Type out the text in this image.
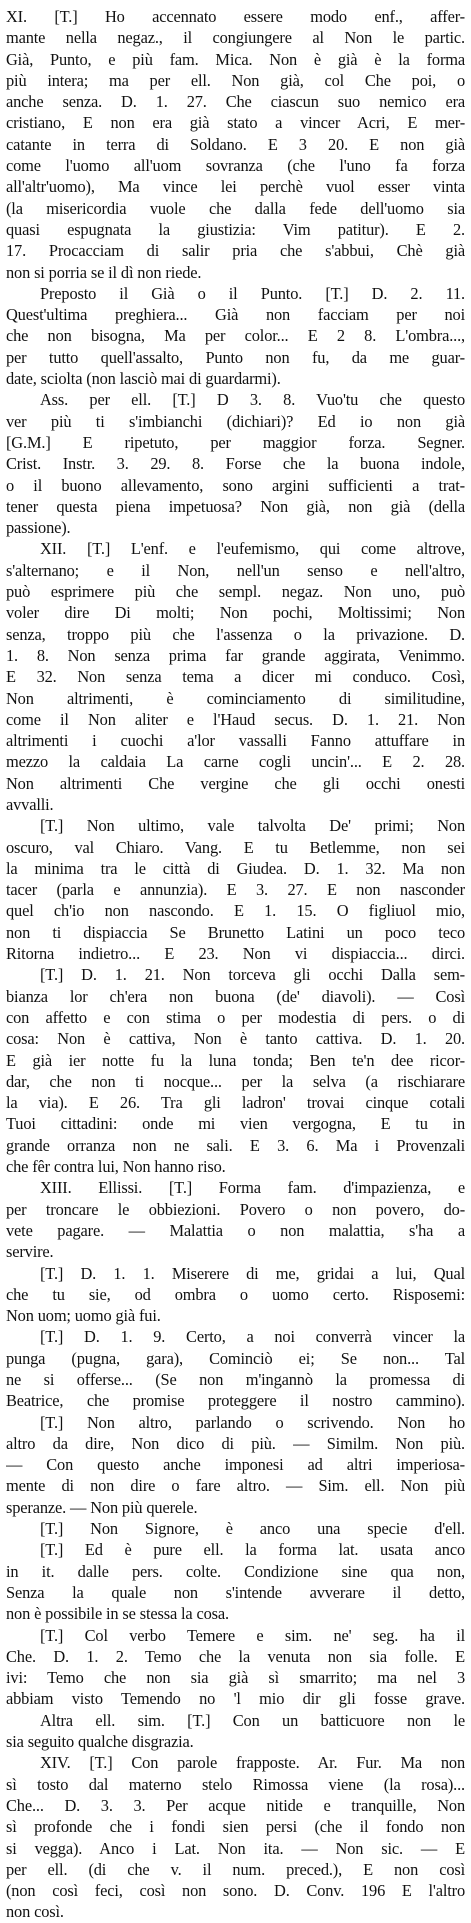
XI. [T.] Ho accennato essere modo enf., affer-
mante nella negaz., il congiungere al Non le partic.
Già, Punto, e più fam. Mica. Non è già è la forma
più intera; ma per ell. Non già, col Che poi, o
anche senza. D. 1. 27. Che ciascun suo nemico era
cristiano, E non era già stato a vincer Acri, E mer-
catante in terra di Soldano. E 3 20. E non già
come l'uomo all'uom sovranza (che l'uno fa forza
all'altr'uomo), Ma vince lei perchè vuol esser vinta
(la misericordia vuole che dalla fede dell'uomo sia
quasi espugnata la giustizia: Vim patitur). E 2.
17. Procacciam di salir pria che s'abbui, Chè già
non si porria se il dì non riede.
Preposto il Già o il Punto. [T.] D. 2. 11.
Quest'ultima preghiera... Già non facciam per noi
che non bisogna, Ma per color... E 2 8. L'ombra...,
per tutto quell'assalto, Punto non fu, da me guar-
date, sciolta (non lasciò mai di guardarmi).
Ass. per ell. [T.] D 3. 8. Vuo'tu che questo
ver più ti s'imbianchi (dichiari)? Ed io non già
[G.M.] E ripetuto, per maggior forza. Segner.
Crist. Instr. 3. 29. 8. Forse che la buona indole,
o il buono allevamento, sono argini sufficienti a trat-
tener questa piena impetuosa? Non già, non già (della
passione).
XII. [T.] L'enf. e l'eufemismo, qui come altrove,
s'alternano; e il Non, nell'un senso e nell'altro,
può esprimere più che sempl. negaz. Non uno, può
voler dire Di molti; Non pochi, Moltissimi; Non
senza, troppo più che l'assenza o la privazione. D.
1. 8. Non senza prima far grande aggirata, Venimmo.
E 32. Non senza tema a dicer mi conduco. Così,
Non altrimenti, è cominciamento di similitudine,
come il Non aliter e l'Haud secus. D. 1. 21. Non
altrimenti i cuochi a'lor vassalli Fanno attuffare in
mezzo la caldaia La carne cogli uncin'... E 2. 28.
Non altrimenti Che vergine che gli occhi onesti
avvalli.
[T.] Non ultimo, vale talvolta De' primi; Non
oscuro, val Chiaro. Vang. E tu Betlemme, non sei
la minima tra le città di Giudea. D. 1. 32. Ma non
tacer (parla e annunzia). E 3. 27. E non nasconder
quel ch'io non nascondo. E 1. 15. O figliuol mio,
non ti dispiaccia Se Brunetto Latini un poco teco
Ritorna indietro... E 23. Non vi dispiaccia... dirci.
[T.] D. 1. 21. Non torceva gli occhi Dalla sem-
bianza lor ch'era non buona (de' diavoli). — Così
con affetto e con stima o per modestia di pers. o di
cosa: Non è cattiva, Non è tanto cattiva. D. 1. 20.
E già ier notte fu la luna tonda; Ben te'n dee ricor-
dar, che non ti nocque... per la selva (a rischiarare
la via). E 26. Tra gli ladron' trovai cinque cotali
Tuoi cittadini: onde mi vien vergogna, E tu in
grande orranza non ne sali. E 3. 6. Ma i Provenzali
che fêr contra lui, Non hanno riso.
XIII. Ellissi. [T.] Forma fam. d'impazienza, e
per troncare le obbiezioni. Povero o non povero, do-
vete pagare. — Malattia o non malattia, s'ha a
servire.
[T.] D. 1. 1. Miserere di me, gridai a lui, Qual
che tu sie, od ombra o uomo certo. Risposemi:
Non uom; uomo già fui.
[T.] D. 1. 9. Certo, a noi converrà vincer la
punga (pugna, gara), Cominciò ei; Se non... Tal
ne si offerse... (Se non m'ingannò la promessa di
Beatrice, che promise proteggere il nostro cammino).
[T.] Non altro, parlando o scrivendo. Non ho
altro da dire, Non dico di più. — Similm. Non più.
— Con questo anche imponesi ad altri imperiosa-
mente di non dire o fare altro. — Sim. ell. Non più
speranze. — Non più querele.
[T.] Non Signore, è anco una specie d'ell.
[T.] Ed è pure ell. la forma lat. usata anco
in it. dalle pers. colte. Condizione sine qua non,
Senza la quale non s'intende avverare il detto,
non è possibile in se stessa la cosa.
[T.] Col verbo Temere e sim. ne' seg. ha il
Che. D. 1. 2. Temo che la venuta non sia folle. E
ivi: Temo che non sia già sì smarrito; ma nel 3
abbiam visto Temendo no 'l mio dir gli fosse grave.
Altra ell. sim. [T.] Con un batticuore non le
sia seguito qualche disgrazia.
XIV. [T.] Con parole frapposte. Ar. Fur. Ma non
sì tosto dal materno stelo Rimossa viene (la rosa)...
Che... D. 3. 3. Per acque nitide e tranquille, Non
sì profonde che i fondi sien persi (che il fondo non
si vegga). Anco i Lat. Non ita. — Non sic. — E
per ell. (di che v. il num. preced.), E non così
(non così feci, così non sono. D. Conv. 196 E l'altro
non così.
